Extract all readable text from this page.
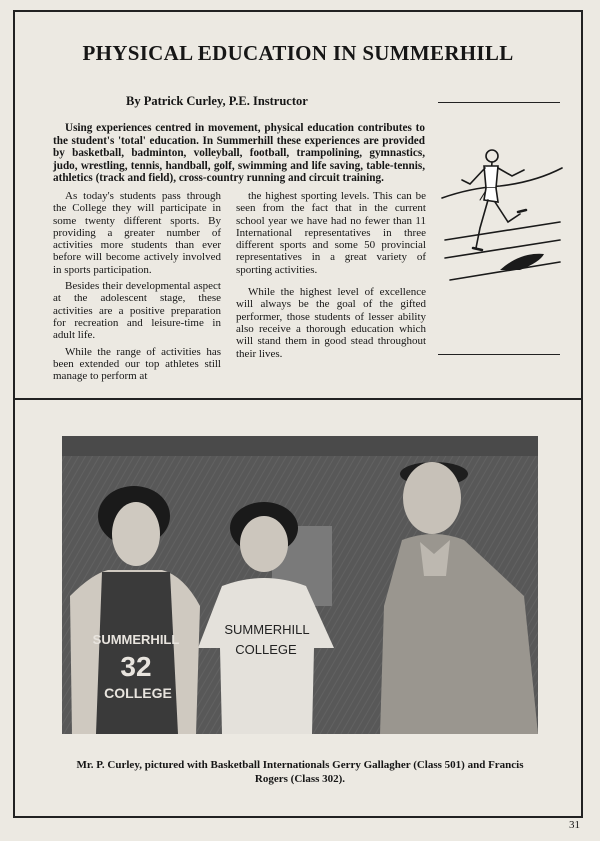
PHYSICAL EDUCATION IN SUMMERHILL
By Patrick Curley, P.E. Instructor

Using experiences centred in movement, physical education contributes to the student's 'total' education. In Summerhill these experiences are provided by basketball, badminton, volleyball, football, trampolining, gymnastics, judo, wrestling, tennis, handball, golf, swimming and life saving, table-tennis, athletics (track and field), cross-country running and circuit training.

As today's students pass through the College they will participate in some twenty different sports. By providing a greater number of activities more students than ever before will become actively involved in sports participation.

Besides their developmental aspect at the adolescent stage, these activities are a positive preparation for recreation and leisure-time in adult life.

While the range of activities has been extended our top athletes still manage to perform at

the highest sporting levels. This can be seen from the fact that in the current school year we have had no fewer than 11 International representatives in three different sports and some 50 provincial representatives in a great variety of sporting activities.

While the highest level of excellence will always be the goal of the gifted performer, those students of lesser ability also receive a thorough education which will stand them in good stead throughout their lives.

SUMMERHILL
COLLEGE
SUMMERHILL
32
COLLEGE
Mr. P. Curley, pictured with Basketball Internationals Gerry Gallagher (Class 501) and Francis Rogers (Class 302).
31
